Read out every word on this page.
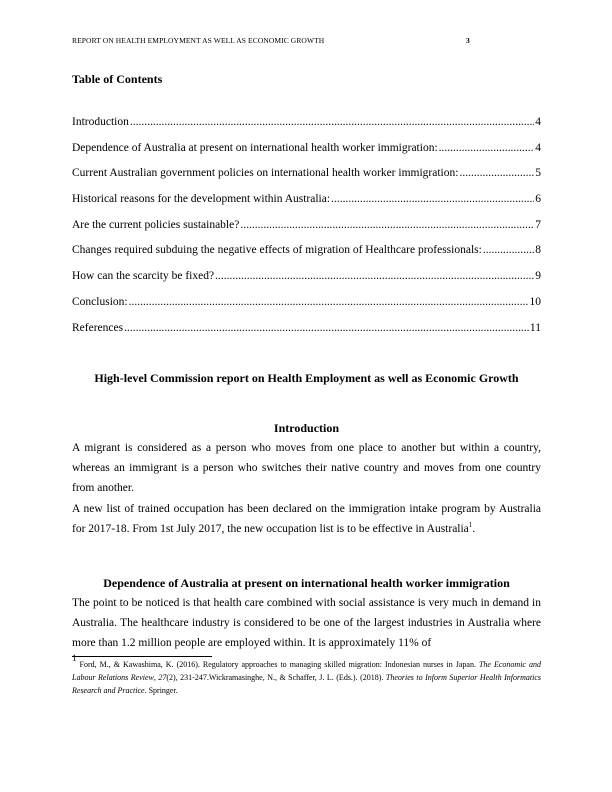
REPORT ON HEALTH EMPLOYMENT AS WELL AS ECONOMIC GROWTH	3
Table of Contents
Introduction .....	4
Dependence of Australia at present on international health worker immigration: .....	4
Current Australian government policies on international health worker immigration: .....	5
Historical reasons for the development within Australia: .....	6
Are the current policies sustainable? .....	7
Changes required subduing the negative effects of migration of Healthcare professionals: .....	8
How can the scarcity be fixed? .....	9
Conclusion: .....	10
References .....	11
High-level Commission report on Health Employment as well as Economic Growth
Introduction

A migrant is considered as a person who moves from one place to another but within a country, whereas an immigrant is a person who switches their native country and moves from one country from another.

A new list of trained occupation has been declared on the immigration intake program by Australia for 2017-18. From 1st July 2017, the new occupation list is to be effective in Australia$^1$.

Dependence of Australia at present on international health worker immigration

The point to be noticed is that health care combined with social assistance is very much in demand in Australia. The healthcare industry is considered to be one of the largest industries in Australia where more than 1.2 million people are employed within. It is approximately 11% of

$^1$ Ford, M., & Kawashima, K. (2016). Regulatory approaches to managing skilled migration: Indonesian nurses in Japan. The Economic and Labour Relations Review, 27(2), 231-247.Wickramasinghe, N., & Schaffer, J. L. (Eds.). (2018). Theories to Inform Superior Health Informatics Research and Practice. Springer.
